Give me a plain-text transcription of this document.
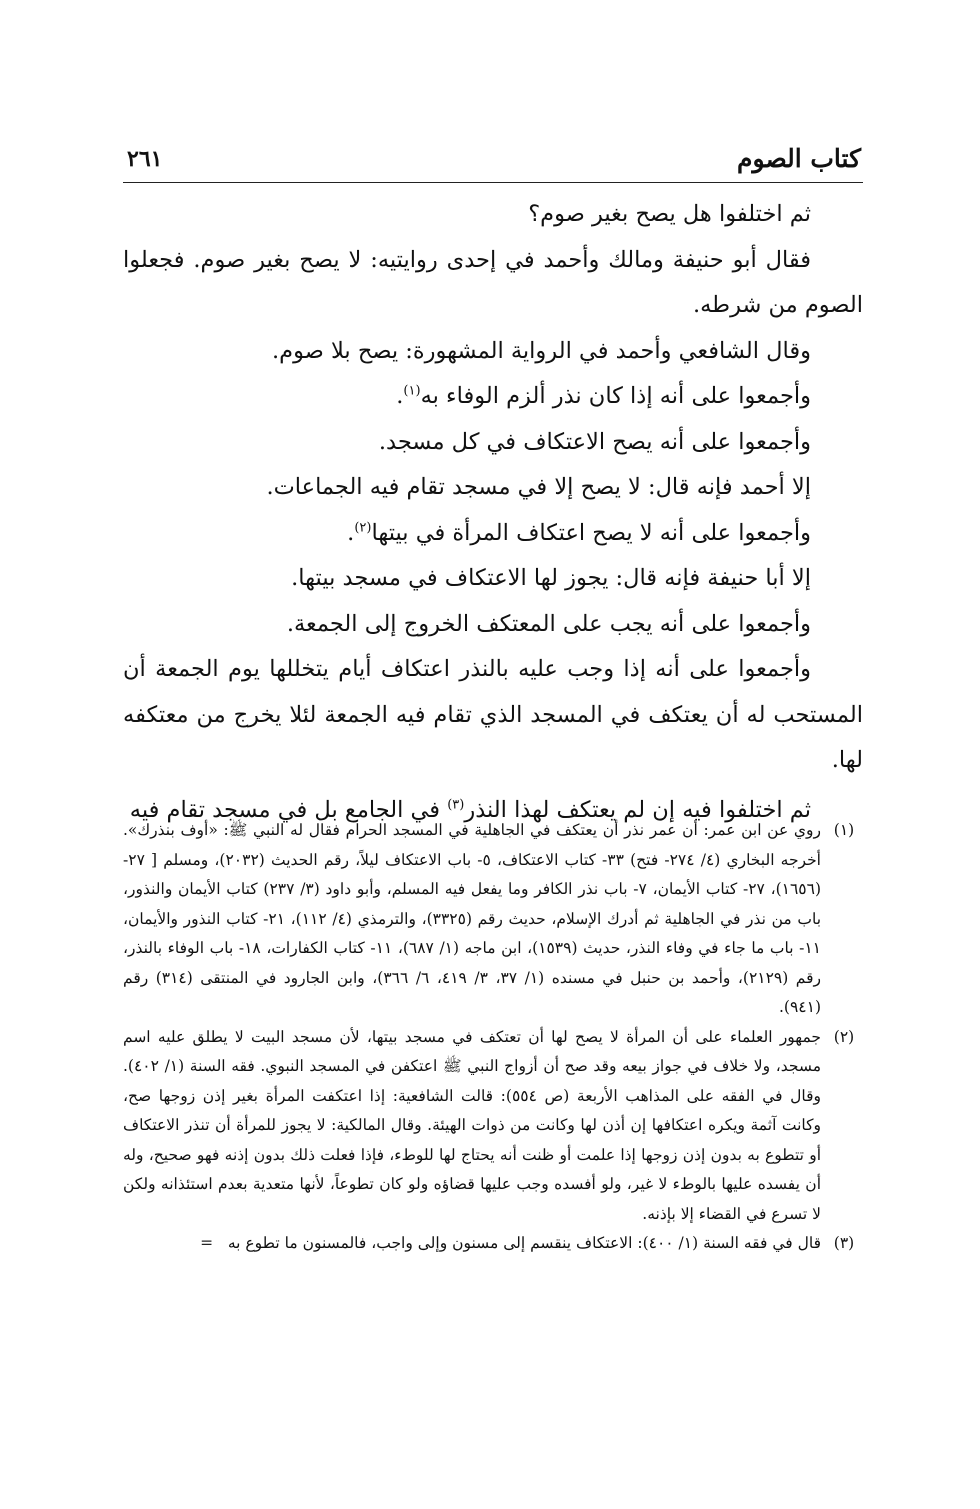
كتاب الصوم
٢٦١

ثم اختلفوا هل يصح بغير صوم؟

فقال أبو حنيفة ومالك وأحمد في إحدى روايتيه: لا يصح بغير صوم. فجعلوا الصوم من شرطه.

وقال الشافعي وأحمد في الرواية المشهورة: يصح بلا صوم.

وأجمعوا على أنه إذا كان نذر ألزم الوفاء به$^{(١)}$.

وأجمعوا على أنه يصح الاعتكاف في كل مسجد.

إلا أحمد فإنه قال: لا يصح إلا في مسجد تقام فيه الجماعات.

وأجمعوا على أنه لا يصح اعتكاف المرأة في بيتها$^{(٢)}$.

إلا أبا حنيفة فإنه قال: يجوز لها الاعتكاف في مسجد بيتها.

وأجمعوا على أنه يجب على المعتكف الخروج إلى الجمعة.

وأجمعوا على أنه إذا وجب عليه بالنذر اعتكاف أيام يتخللها يوم الجمعة أن المستحب له أن يعتكف في المسجد الذي تقام فيه الجمعة لئلا يخرج من معتكفه لها.

ثم اختلفوا فيه إن لم يعتكف لهذا النذر$^{(٣)}$ في الجامع بل في مسجد تقام فيه

(١)
روي عن ابن عمر: أن عمر نذر أن يعتكف في الجاهلية في المسجد الحرام فقال له النبي ﷺ: «أوف بنذرك». أخرجه البخاري (٤/ ٢٧٤- فتح) ٣٣- كتاب الاعتكاف، ٥- باب الاعتكاف ليلاً، رقم الحديث (٢٠٣٢)، ومسلم [ ٢٧- (١٦٥٦)، ٢٧- كتاب الأيمان، ٧- باب نذر الكافر وما يفعل فيه المسلم، وأبو داود (٣/ ٢٣٧) كتاب الأيمان والنذور، باب من نذر في الجاهلية ثم أدرك الإسلام، حديث رقم (٣٣٢٥)، والترمذي (٤/ ١١٢)، ٢١- كتاب النذور والأيمان، ١١- باب ما جاء في وفاء النذر، حديث (١٥٣٩)، ابن ماجه (١/ ٦٨٧)، ١١- كتاب الكفارات، ١٨- باب الوفاء بالنذر، رقم (٢١٢٩)، وأحمد بن حنبل في مسنده (١/ ٣٧، ٣/ ٤١٩، ٦/ ٣٦٦)، وابن الجارود في المنتقى (٣١٤) رقم (٩٤١).
(٢)
جمهور العلماء على أن المرأة لا يصح لها أن تعتكف في مسجد بيتها، لأن مسجد البيت لا يطلق عليه اسم مسجد، ولا خلاف في جواز بيعه وقد صح أن أزواج النبي ﷺ اعتكفن في المسجد النبوي. فقه السنة (١/ ٤٠٢). وقال في الفقه على المذاهب الأربعة (ص ٥٥٤): قالت الشافعية: إذا اعتكفت المرأة بغير إذن زوجها صح، وكانت آثمة ويكره اعتكافها إن أذن لها وكانت من ذوات الهيئة. وقال المالكية: لا يجوز للمرأة أن تنذر الاعتكاف أو تتطوع به بدون إذن زوجها إذا علمت أو ظنت أنه يحتاج لها للوطء، فإذا فعلت ذلك بدون إذنه فهو صحيح، وله أن يفسده عليها بالوطء لا غير، ولو أفسده وجب عليها قضاؤه ولو كان تطوعاً، لأنها متعدية بعدم استئذانه ولكن لا تسرع في القضاء إلا بإذنه.
(٣)
قال في فقه السنة (١/ ٤٠٠): الاعتكاف ينقسم إلى مسنون وإلى واجب، فالمسنون ما تطوع به   =
